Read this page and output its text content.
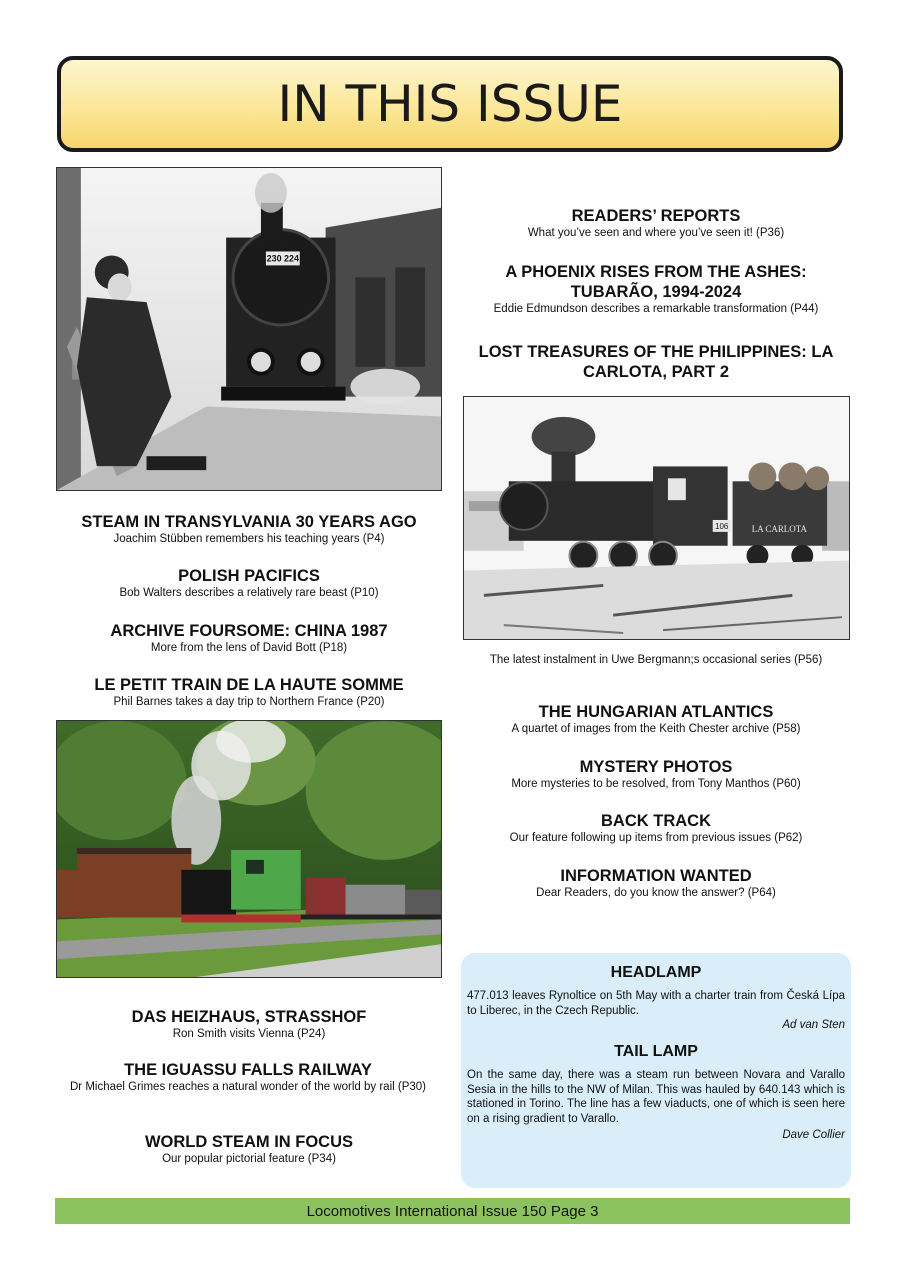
IN THIS ISSUE
230 224
STEAM IN TRANSYLVANIA 30 YEARS AGO
Joachim Stübben remembers his teaching years (P4)
POLISH PACIFICS
Bob Walters describes a relatively rare beast (P10)
ARCHIVE FOURSOME: CHINA 1987
More from the lens of David Bott (P18)
LE PETIT TRAIN DE LA HAUTE SOMME
Phil Barnes takes a day trip to Northern France (P20)
DAS HEIZHAUS, STRASSHOF
Ron Smith visits Vienna (P24)
THE IGUASSU FALLS RAILWAY
Dr Michael Grimes reaches a natural wonder of the world by rail (P30)
WORLD STEAM IN FOCUS
Our popular pictorial feature (P34)
READERS’ REPORTS
What you’ve seen and where you’ve seen it! (P36)
A PHOENIX RISES FROM THE ASHES: TUBARÃO, 1994-2024
Eddie Edmundson describes a remarkable transformation (P44)
LOST TREASURES OF THE PHILIPPINES: LA CARLOTA, PART 2
106	LA CARLOTA
The latest instalment in Uwe Bergmann;s occasional series (P56)
THE HUNGARIAN ATLANTICS
A quartet of images from the Keith Chester archive (P58)
MYSTERY PHOTOS
More mysteries to be resolved, from Tony Manthos (P60)
BACK TRACK
Our feature following up items from previous issues (P62)
INFORMATION WANTED
Dear Readers, do you know the answer? (P64)
HEADLAMP

477.013 leaves Rynoltice on 5th May with a charter train from Česká Lípa to Liberec, in the Czech Republic.

Ad van Sten
TAIL LAMP

On the same day, there was a steam run between Novara and Varallo Sesia in the hills to the NW of Milan. This was hauled by 640.143 which is stationed in Torino. The line has a few viaducts, one of which is seen here on a rising gradient to Varallo.

Dave Collier
Locomotives International Issue 150 Page 3
